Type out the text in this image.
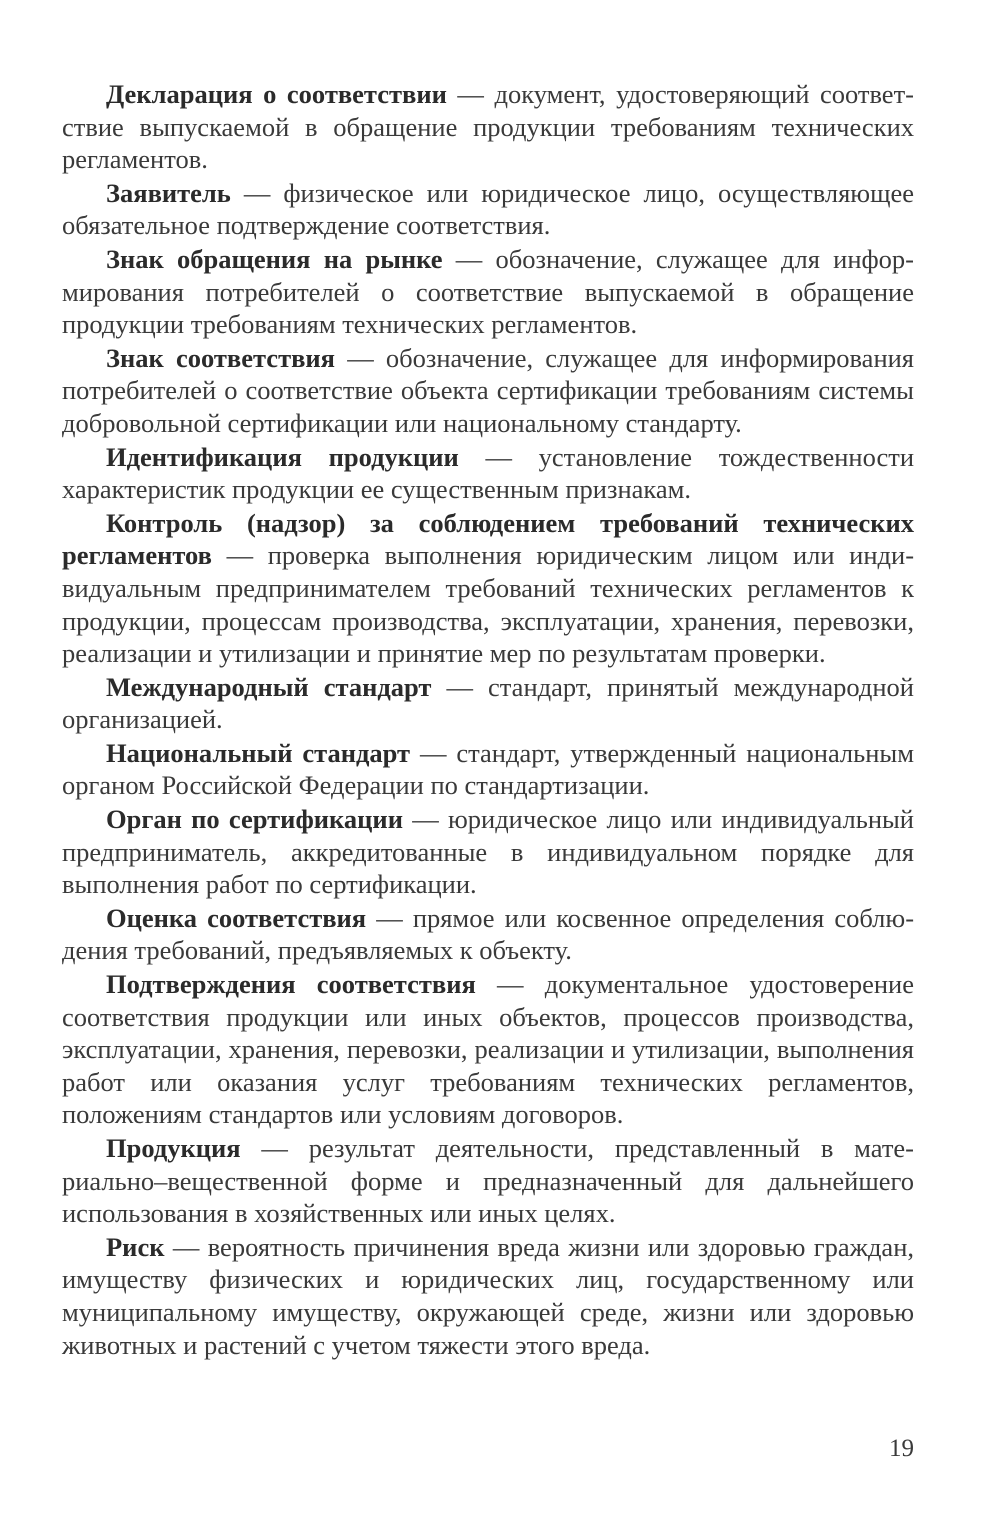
Декларация о соответствии — документ, удостоверяющий соответствие выпускаемой в обращение продукции требованиям технических регламентов.

Заявитель — физическое или юридическое лицо, осуществляющее обязательное подтверждение соответствия.

Знак обращения на рынке — обозначение, служащее для информирования потребителей о соответствие выпускаемой в обращение продукции требованиям технических регламентов.

Знак соответствия — обозначение, служащее для информирования потребителей о соответствие объекта сертификации требованиям системы добровольной сертификации или национальному стандарту.

Идентификация продукции — установление тождественности характеристик продукции ее существенным признакам.

Контроль (надзор) за соблюдением требований технических регламентов — проверка выполнения юридическим лицом или индивидуальным предпринимателем требований технических регламентов к продукции, процессам производства, эксплуатации, хранения, перевозки, реализации и утилизации и принятие мер по результатам проверки.

Международный стандарт — стандарт, принятый международной организацией.

Национальный стандарт — стандарт, утвержденный национальным органом Российской Федерации по стандартизации.

Орган по сертификации — юридическое лицо или индивидуальный предприниматель, аккредитованные в индивидуальном порядке для выполнения работ по сертификации.

Оценка соответствия — прямое или косвенное определения соблюдения требований, предъявляемых к объекту.

Подтверждения соответствия — документальное удостоверение соответствия продукции или иных объектов, процессов производства, эксплуатации, хранения, перевозки, реализации и утилизации, выполнения работ или оказания услуг требованиям технических регламентов, положениям стандартов или условиям договоров.

Продукция — результат деятельности, представленный в материально–вещественной форме и предназначенный для дальнейшего использования в хозяйственных или иных целях.

Риск — вероятность причинения вреда жизни или здоровью граждан, имуществу физических и юридических лиц, государственному или муниципальному имуществу, окружающей среде, жизни или здоровью животных и растений с учетом тяжести этого вреда.

19
